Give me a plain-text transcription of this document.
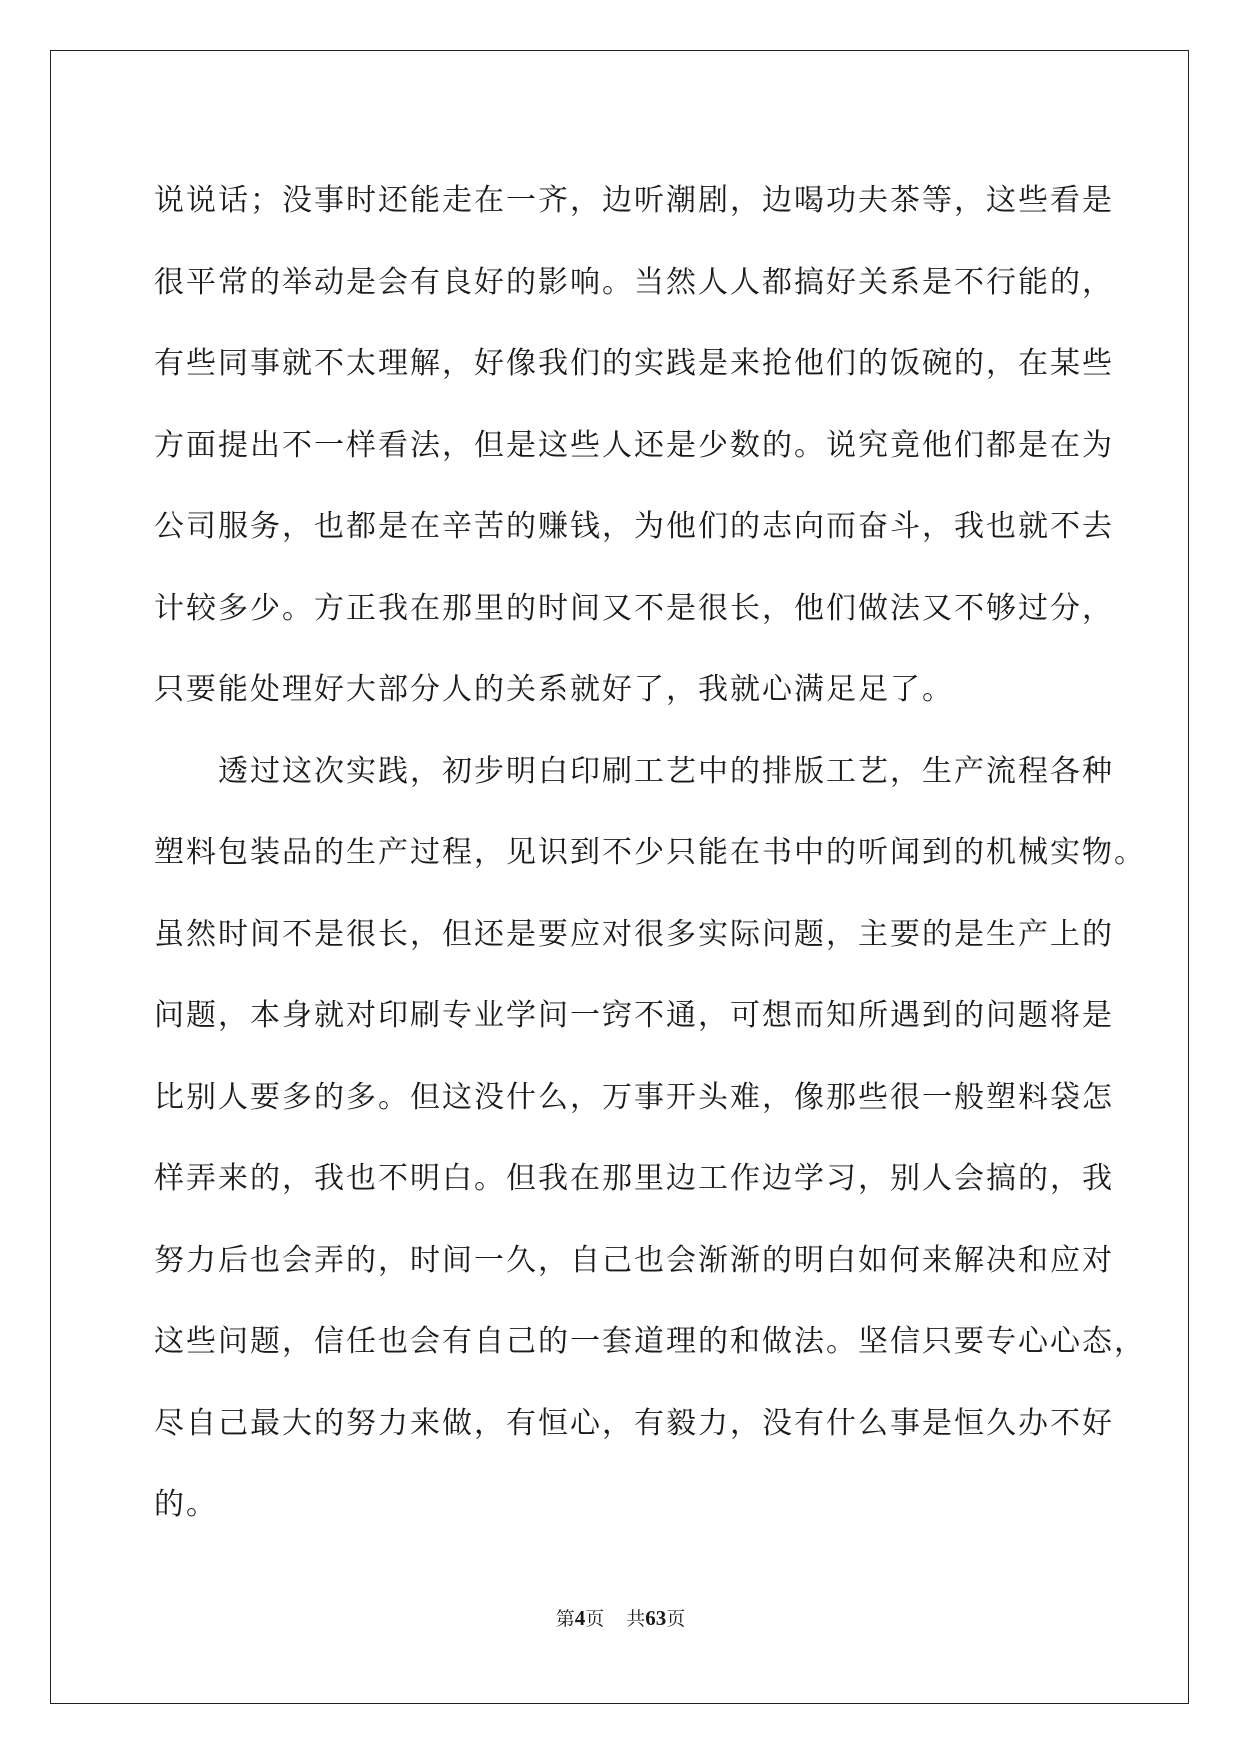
说说话；没事时还能走在一齐，边听潮剧，边喝功夫茶等，这些看是
很平常的举动是会有良好的影响。当然人人都搞好关系是不行能的，
有些同事就不太理解，好像我们的实践是来抢他们的饭碗的，在某些
方面提出不一样看法，但是这些人还是少数的。说究竟他们都是在为
公司服务，也都是在辛苦的赚钱，为他们的志向而奋斗，我也就不去
计较多少。方正我在那里的时间又不是很长，他们做法又不够过分，
只要能处理好大部分人的关系就好了，我就心满足足了。
　　透过这次实践，初步明白印刷工艺中的排版工艺，生产流程各种
塑料包装品的生产过程，见识到不少只能在书中的听闻到的机械实物。
虽然时间不是很长，但还是要应对很多实际问题，主要的是生产上的
问题，本身就对印刷专业学问一窍不通，可想而知所遇到的问题将是
比别人要多的多。但这没什么，万事开头难，像那些很一般塑料袋怎
样弄来的，我也不明白。但我在那里边工作边学习，别人会搞的，我
努力后也会弄的，时间一久，自己也会渐渐的明白如何来解决和应对
这些问题，信任也会有自己的一套道理的和做法。坚信只要专心心态，
尽自己最大的努力来做，有恒心，有毅力，没有什么事是恒久办不好
的。
第4页 共63页
